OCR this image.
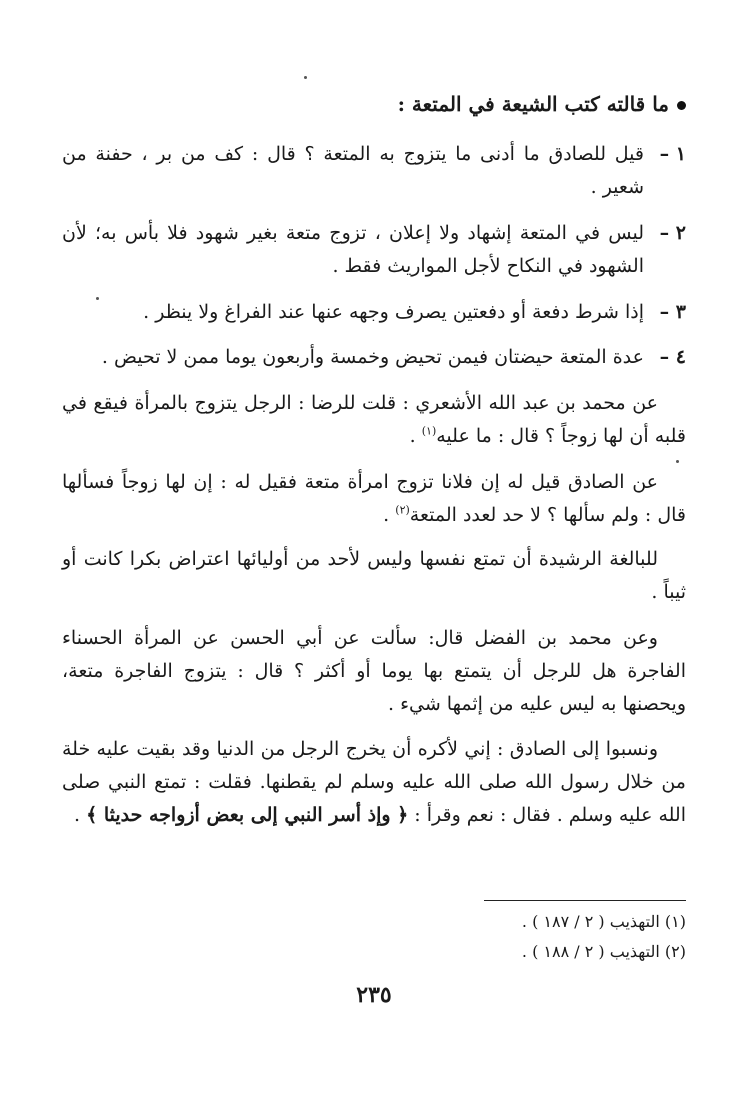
ما قالته كتب الشيعة في المتعة :
١ –
قيل للصادق ما أدنى ما يتزوج به المتعة ؟ قال : كف من بر ، حفنة من شعير .
٢ –
ليس في المتعة إشهاد ولا إعلان ، تزوج متعة بغير شهود فلا بأس به؛ لأن الشهود في النكاح لأجل المواريث فقط .
٣ –
إذا شرط دفعة أو دفعتين يصرف وجهه عنها عند الفراغ ولا ينظر .
٤ –
عدة المتعة حيضتان فيمن تحيض وخمسة وأربعون يوما ممن لا تحيض .
عن محمد بن عبد الله الأشعري : قلت للرضا : الرجل يتزوج بالمرأة فيقع في قلبه أن لها زوجاً ؟ قال : ما عليه$^{(١)}$ .
عن الصادق قيل له إن فلانا تزوج امرأة متعة فقيل له : إن لها زوجاً فسألها قال : ولم سألها ؟ لا حد لعدد المتعة$^{(٢)}$ .
للبالغة الرشيدة أن تمتع نفسها وليس لأحد من أوليائها اعتراض بكرا كانت أو ثيباً .
وعن محمد بن الفضل قال: سألت عن أبي الحسن عن المرأة الحسناء الفاجرة هل للرجل أن يتمتع بها يوما أو أكثر ؟ قال : يتزوج الفاجرة متعة، ويحصنها به ليس عليه من إثمها شيء .
ونسبوا إلى الصادق : إني لأكره أن يخرج الرجل من الدنيا وقد بقيت عليه خلة من خلال رسول الله صلى الله عليه وسلم لم يقطنها. فقلت : تمتع النبي صلى الله عليه وسلم . فقال : نعم وقرأ : ﴿ وإذ أسر النبي إلى بعض أزواجه حديثا ﴾ .
(١) التهذيب ( ٢ / ١٨٧ ) .
(٢) التهذيب ( ٢ / ١٨٨ ) .
٢٣٥
